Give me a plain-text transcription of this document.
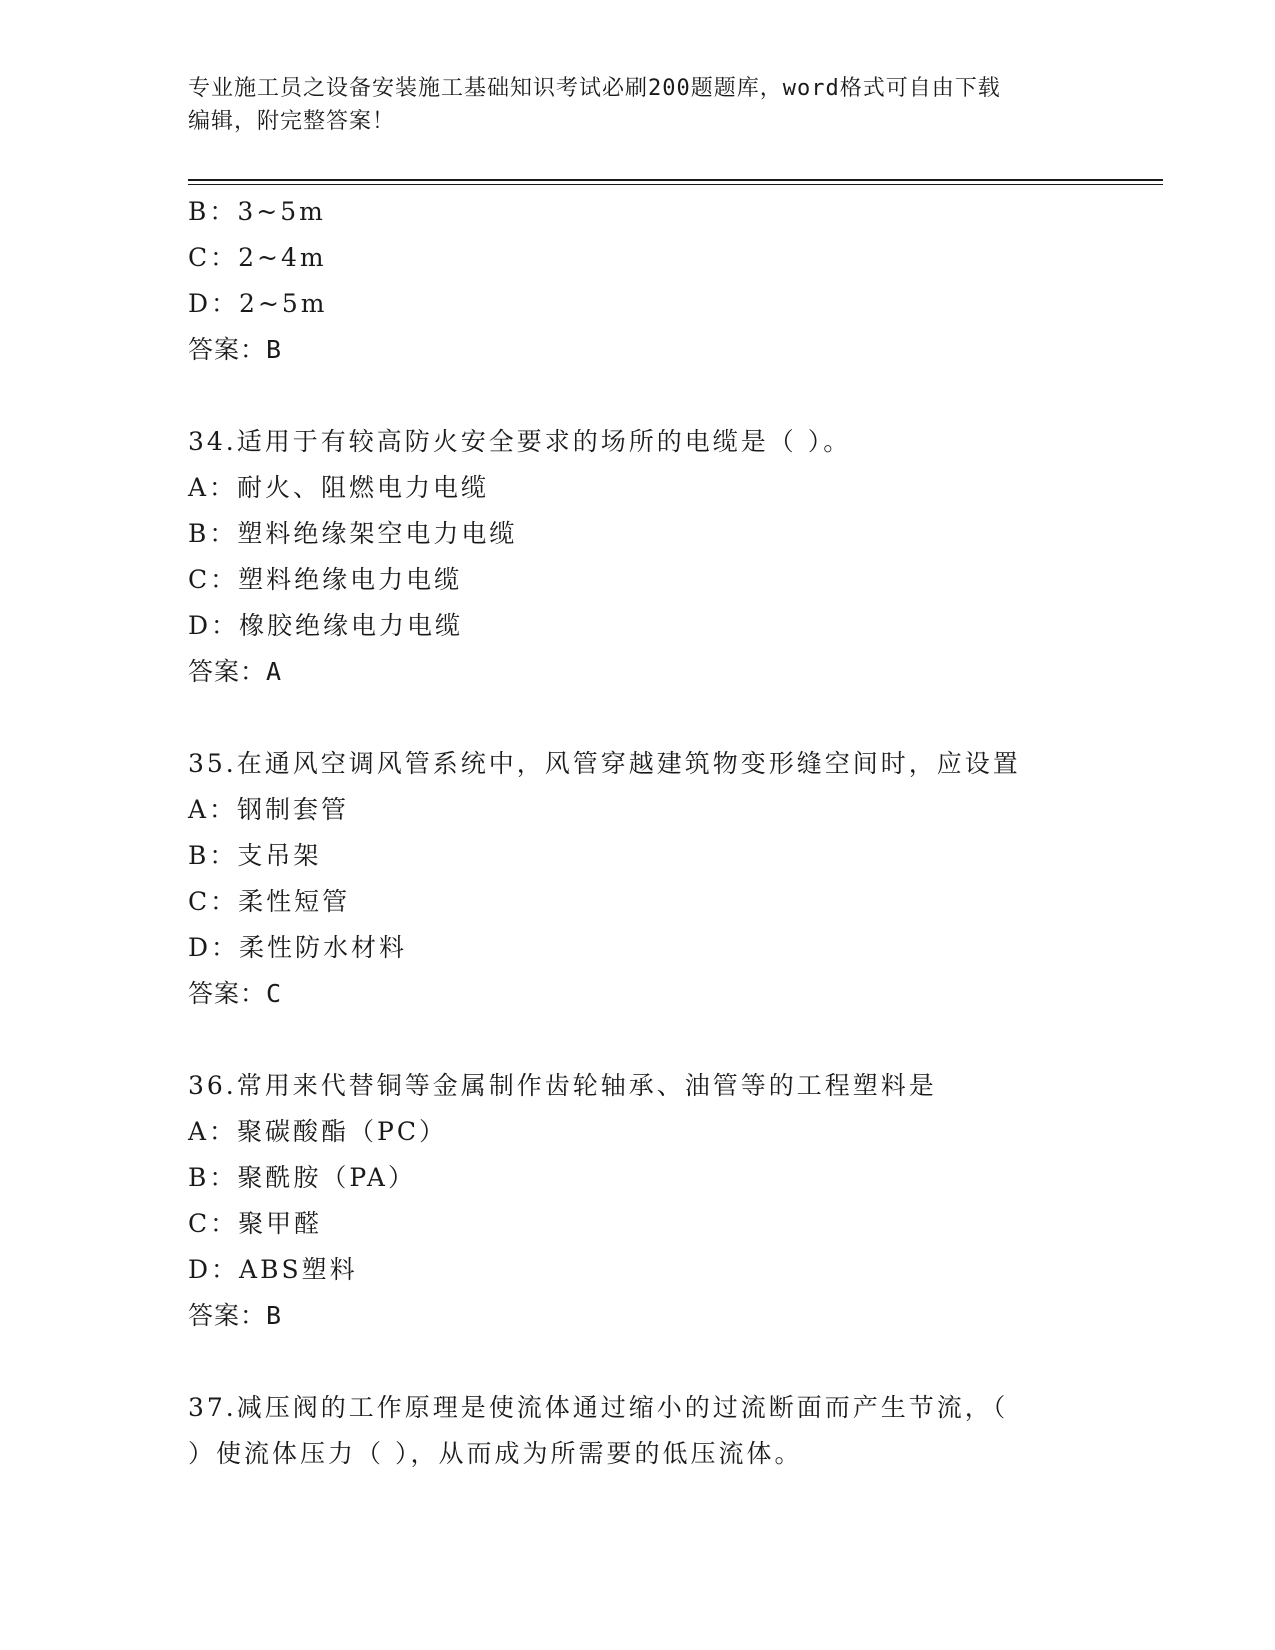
专业施工员之设备安装施工基础知识考试必刷200题题库，word格式可自由下载
编辑，附完整答案！
B：3~5m
C：2~4m
D：2~5m
答案：B
34.适用于有较高防火安全要求的场所的电缆是（ ）。
A：耐火、阻燃电力电缆
B：塑料绝缘架空电力电缆
C：塑料绝缘电力电缆
D：橡胶绝缘电力电缆
答案：A
35.在通风空调风管系统中，风管穿越建筑物变形缝空间时，应设置
A：钢制套管
B：支吊架
C：柔性短管
D：柔性防水材料
答案：C
36.常用来代替铜等金属制作齿轮轴承、油管等的工程塑料是
A：聚碳酸酯（PC）
B：聚酰胺（PA）
C：聚甲醛
D：ABS塑料
答案：B
37.减压阀的工作原理是使流体通过缩小的过流断面而产生节流，（
）使流体压力（ ），从而成为所需要的低压流体。
